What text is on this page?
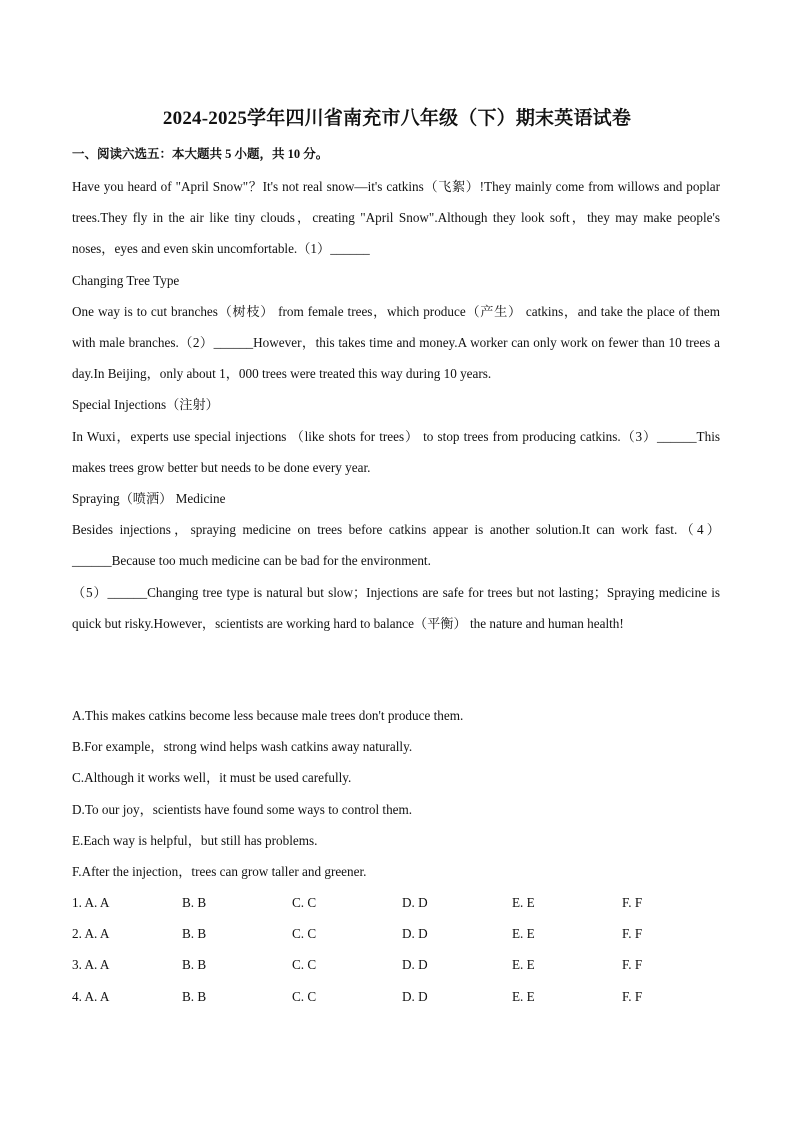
2024-2025学年四川省南充市八年级（下）期末英语试卷
一、阅读六选五：本大题共 5 小题，共 10 分。

Have you heard of "April Snow"？It's not real snow—it's catkins（飞絮）!They mainly come from willows and poplar trees.They fly in the air like tiny clouds，creating "April Snow".Although they look soft，they may make people's noses，eyes and even skin uncomfortable.（1）______

Changing Tree Type

One way is to cut branches（树枝） from female trees，which produce（产生） catkins，and take the place of them with male branches.（2）______However，this takes time and money.A worker can only work on fewer than 10 trees a day.In Beijing，only about 1，000 trees were treated this way during 10 years.

Special Injections（注射）

In Wuxi，experts use special injections （like shots for trees） to stop trees from producing catkins.（3）______This makes trees grow better but needs to be done every year.

Spraying（喷洒） Medicine

Besides injections，spraying medicine on trees before catkins appear is another solution.It can work fast.（4）______Because too much medicine can be bad for the environment.

（5）______Changing tree type is natural but slow；Injections are safe for trees but not lasting；Spraying medicine is quick but risky.However，scientists are working hard to balance（平衡） the nature and human health!

A.This makes catkins become less because male trees don't produce them.

B.For example，strong wind helps wash catkins away naturally.

C.Although it works well，it must be used carefully.

D.To our joy，scientists have found some ways to control them.

E.Each way is helpful，but still has problems.

F.After the injection，trees can grow taller and greener.

1. A. A	B. B	C. C	D. D	E. E	F. F
2. A. A	B. B	C. C	D. D	E. E	F. F
3. A. A	B. B	C. C	D. D	E. E	F. F
4. A. A	B. B	C. C	D. D	E. E	F. F
